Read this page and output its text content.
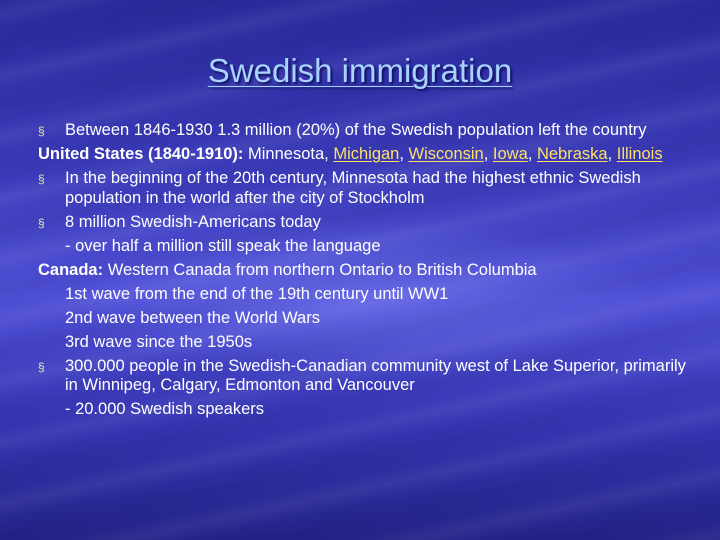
Swedish immigration
§	Between 1846-1930 1.3 million (20%) of the Swedish population left the country
United States (1840-1910): Minnesota, Michigan, Wisconsin, Iowa, Nebraska, Illinois
§	In the beginning of the 20th century, Minnesota had the highest ethnic Swedish population in the world after the city of Stockholm
§	8 million Swedish-Americans today
- over half a million still speak the language
Canada: Western Canada from northern Ontario to British Columbia
1st wave from the end of the 19th century until WW1
2nd wave between the World Wars
3rd wave since the 1950s
§	300.000 people in the Swedish-Canadian community west of Lake Superior, primarily in Winnipeg, Calgary, Edmonton and Vancouver
- 20.000 Swedish speakers
